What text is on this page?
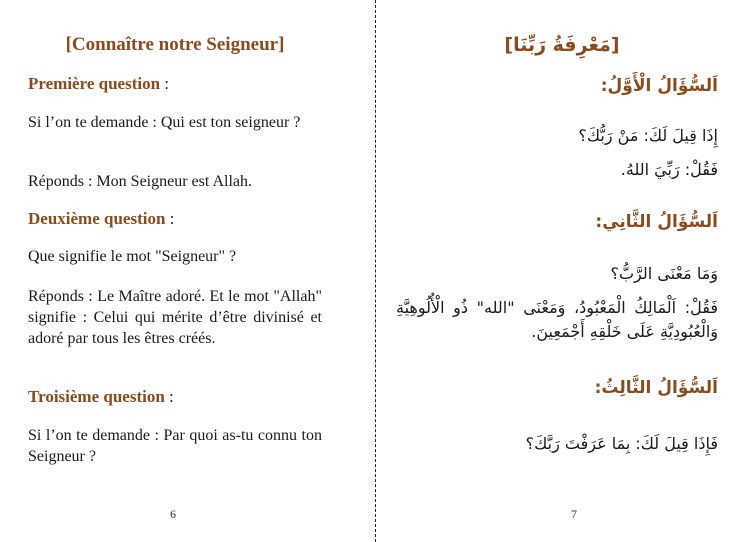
[Connaître notre Seigneur]
Première question :

Si l’on te demande : Qui est ton seigneur ?

Réponds : Mon Seigneur est Allah.

Deuxième question :

Que signifie le mot "Seigneur" ?

Réponds : Le Maître adoré. Et le mot "Allah" signifie : Celui qui mérite d’être divinisé et adoré par tous les êtres créés.

Troisième question :

Si l’on te demande : Par quoi as-tu connu ton Seigneur ?

6

[مَعْرِفَةُ رَبِّنَا]
اَلسُّؤَالُ الْأَوَّلُ:

إِذَا قِيلَ لَكَ: مَنْ رَبُّكَ؟

فَقُلْ: رَبِّيَ اللهُ.

اَلسُّؤَالُ الثَّانِي:

وَمَا مَعْنَى الرَّبُّ؟

فَقُلْ: اَلْمَالِكُ الْمَعْبُودُ، وَمَعْنَى "الله" ذُو الْأُلُوهِيَّةِ وَالْعُبُودِيَّةِ عَلَى خَلْقِهِ أَجْمَعِينَ.

اَلسُّؤَالُ الثَّالِثُ:

فَإِذَا قِيلَ لَكَ: بِمَا عَرَفْتَ رَبَّكَ؟

7
